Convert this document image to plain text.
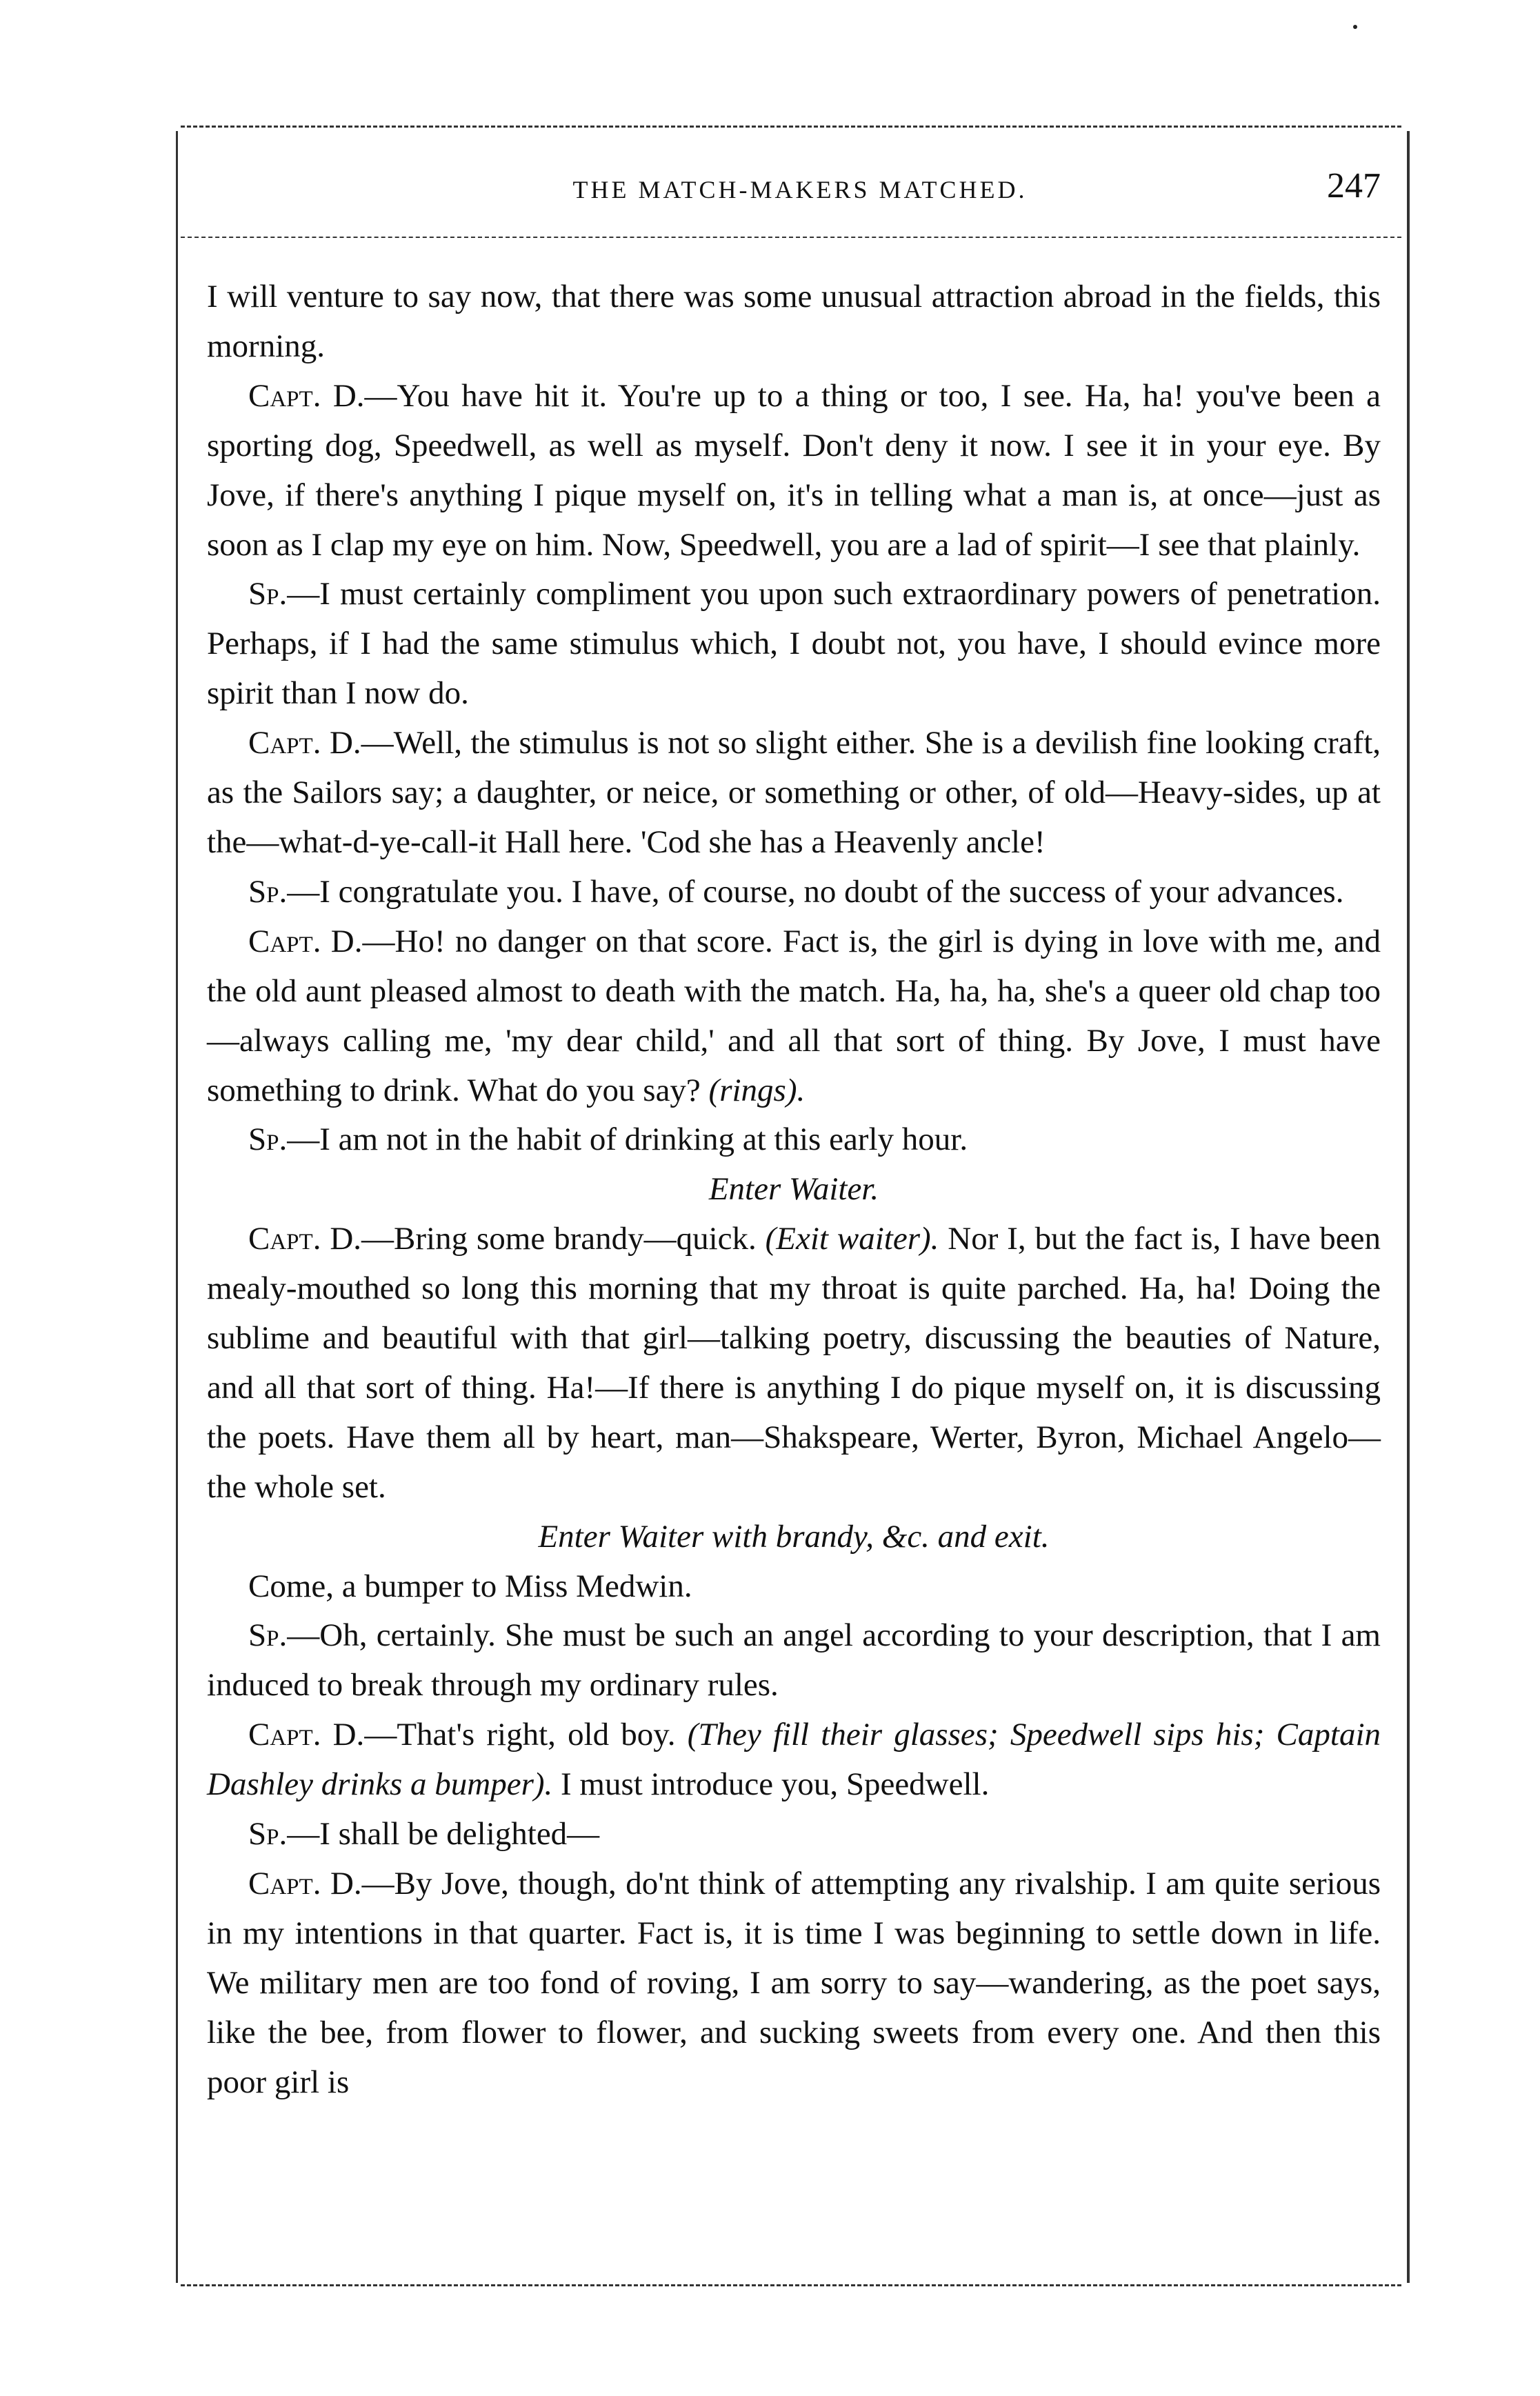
THE MATCH-MAKERS MATCHED.	247

I will venture to say now, that there was some unusual attraction abroad in the fields, this morning.

Capt. D.—You have hit it. You're up to a thing or too, I see. Ha, ha! you've been a sporting dog, Speedwell, as well as myself. Don't deny it now. I see it in your eye. By Jove, if there's anything I pique myself on, it's in telling what a man is, at once—just as soon as I clap my eye on him. Now, Speedwell, you are a lad of spirit—I see that plainly.

Sp.—I must certainly compliment you upon such extraordinary powers of penetration. Perhaps, if I had the same stimulus which, I doubt not, you have, I should evince more spirit than I now do.

Capt. D.—Well, the stimulus is not so slight either. She is a devilish fine looking craft, as the Sailors say; a daughter, or neice, or something or other, of old—Heavy-sides, up at the—what-d-ye-call-it Hall here. 'Cod she has a Heavenly ancle!

Sp.—I congratulate you. I have, of course, no doubt of the success of your advances.

Capt. D.—Ho! no danger on that score. Fact is, the girl is dying in love with me, and the old aunt pleased almost to death with the match. Ha, ha, ha, she's a queer old chap too—always calling me, 'my dear child,' and all that sort of thing. By Jove, I must have something to drink. What do you say? (rings).

Sp.—I am not in the habit of drinking at this early hour.

Enter Waiter.

Capt. D.—Bring some brandy—quick. (Exit waiter). Nor I, but the fact is, I have been mealy-mouthed so long this morning that my throat is quite parched. Ha, ha! Doing the sublime and beautiful with that girl—talking poetry, discussing the beauties of Nature, and all that sort of thing. Ha!—If there is anything I do pique myself on, it is discussing the poets. Have them all by heart, man—Shakspeare, Werter, Byron, Michael Angelo—the whole set.

Enter Waiter with brandy, &c. and exit.

Come, a bumper to Miss Medwin.

Sp.—Oh, certainly. She must be such an angel according to your description, that I am induced to break through my ordinary rules.

Capt. D.—That's right, old boy. (They fill their glasses; Speedwell sips his; Captain Dashley drinks a bumper). I must introduce you, Speedwell.

Sp.—I shall be delighted—

Capt. D.—By Jove, though, do'nt think of attempting any rivalship. I am quite serious in my intentions in that quarter. Fact is, it is time I was beginning to settle down in life. We military men are too fond of roving, I am sorry to say—wandering, as the poet says, like the bee, from flower to flower, and sucking sweets from every one. And then this poor girl is
